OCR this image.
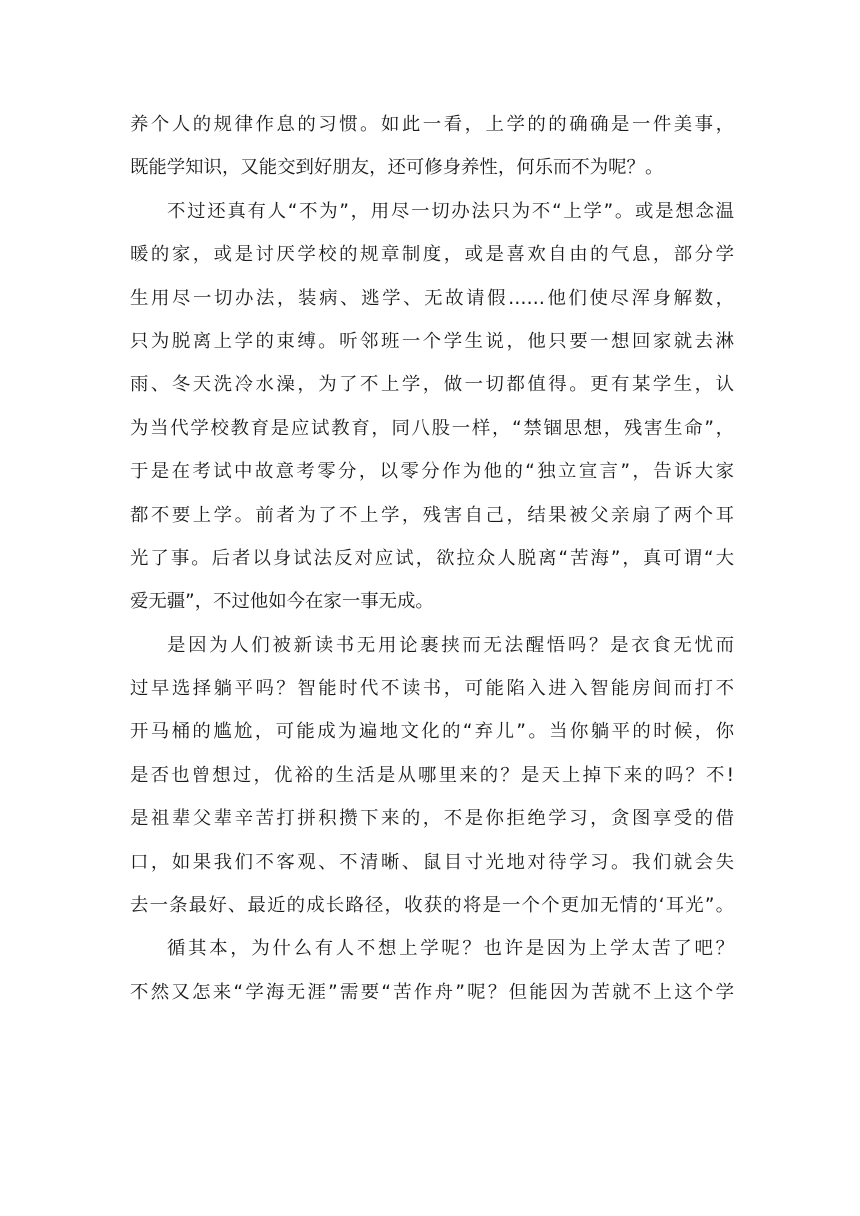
养个人的规律作息的习惯。如此一看，上学的的确确是一件美事，
既能学知识，又能交到好朋友，还可修身养性，何乐而不为呢？。
不过还真有人“不为”，用尽一切办法只为不“上学”。或是想念温
暖的家，或是讨厌学校的规章制度，或是喜欢自由的气息，部分学
生用尽一切办法，装病、逃学、无故请假……他们使尽浑身解数，
只为脱离上学的束缚。听邻班一个学生说，他只要一想回家就去淋
雨、冬天洗冷水澡，为了不上学，做一切都值得。更有某学生，认
为当代学校教育是应试教育，同八股一样，“禁锢思想，残害生命”，
于是在考试中故意考零分，以零分作为他的“独立宣言”，告诉大家
都不要上学。前者为了不上学，残害自己，结果被父亲扇了两个耳
光了事。后者以身试法反对应试，欲拉众人脱离“苦海”，真可谓“大
爱无疆”，不过他如今在家一事无成。
是因为人们被新读书无用论裹挟而无法醒悟吗？是衣食无忧而
过早选择躺平吗？智能时代不读书，可能陷入进入智能房间而打不
开马桶的尴尬，可能成为遍地文化的“弃儿”。当你躺平的时候，你
是否也曾想过，优裕的生活是从哪里来的？是天上掉下来的吗？不!
是祖辈父辈辛苦打拼积攒下来的，不是你拒绝学习，贪图享受的借
口，如果我们不客观、不清晰、鼠目寸光地对待学习。我们就会失
去一条最好、最近的成长路径，收获的将是一个个更加无情的‘耳光”。
循其本，为什么有人不想上学呢？也许是因为上学太苦了吧？
不然又怎来“学海无涯”需要“苦作舟”呢？但能因为苦就不上这个学
